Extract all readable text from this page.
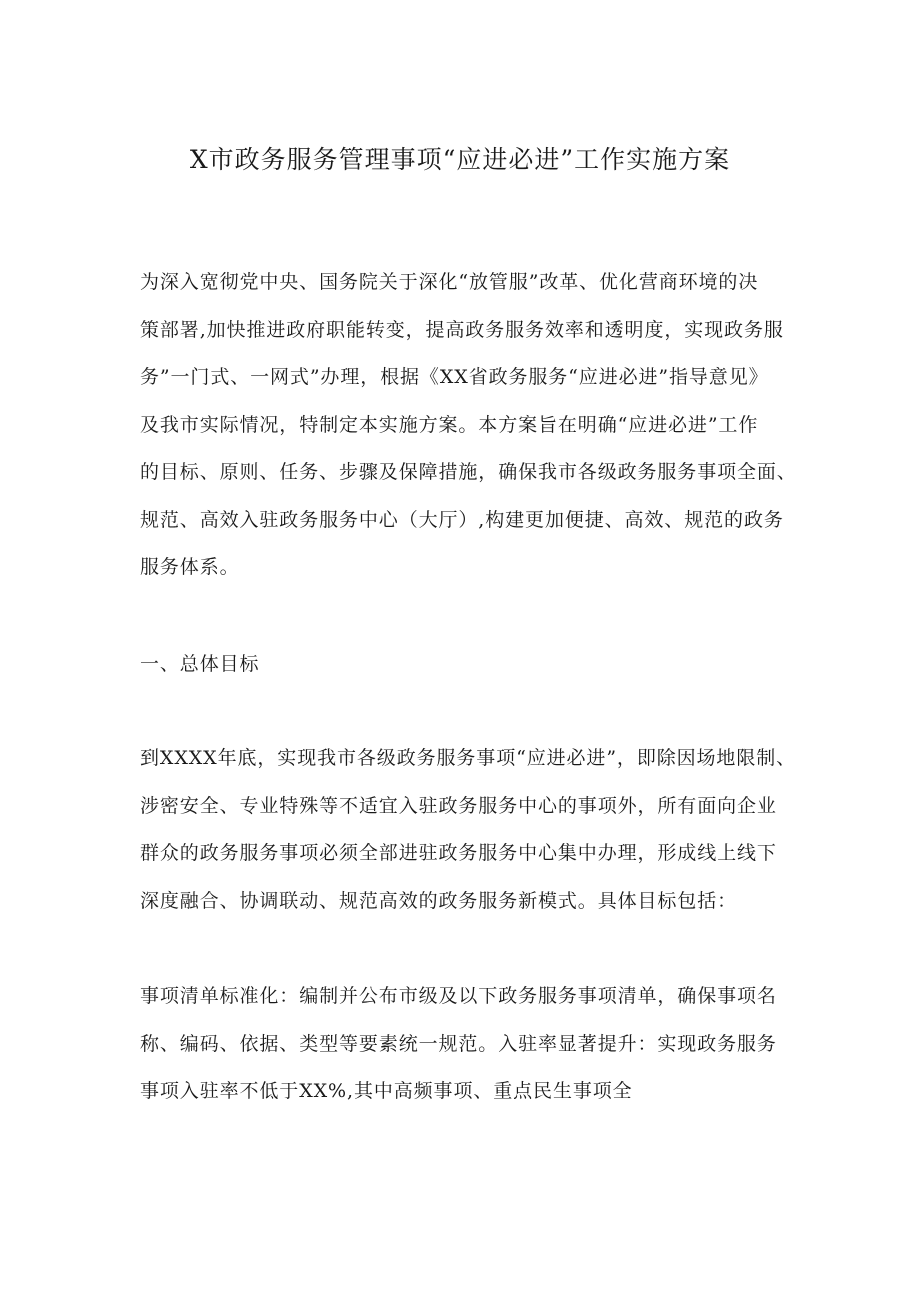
X市政务服务管理事项“应进必进”工作实施方案

为深入宽彻党中央、国务院关于深化“放管服”改革、优化营商环境的决
策部署,加快推进政府职能转变，提高政务服务效率和透明度，实现政务服
务”一门式、一网式”办理，根据《XX省政务服务“应进必进”指导意见》
及我市实际情况，特制定本实施方案。本方案旨在明确“应进必进”工作
的目标、原则、任务、步骤及保障措施，确保我市各级政务服务事项全面、
规范、高效入驻政务服务中心（大厅）,构建更加便捷、高效、规范的政务
服务体系。

一、总体目标

到XXXX年底，实现我市各级政务服务事项“应进必进”，即除因场地限制、
涉密安全、专业特殊等不适宜入驻政务服务中心的事项外，所有面向企业
群众的政务服务事项必须全部进驻政务服务中心集中办理，形成线上线下
深度融合、协调联动、规范高效的政务服务新模式。具体目标包括：

事项清单标准化：编制并公布市级及以下政务服务事项清单，确保事项名
称、编码、依据、类型等要素统一规范。入驻率显著提升：实现政务服务
事项入驻率不低于XX%,其中高频事项、重点民生事项全
